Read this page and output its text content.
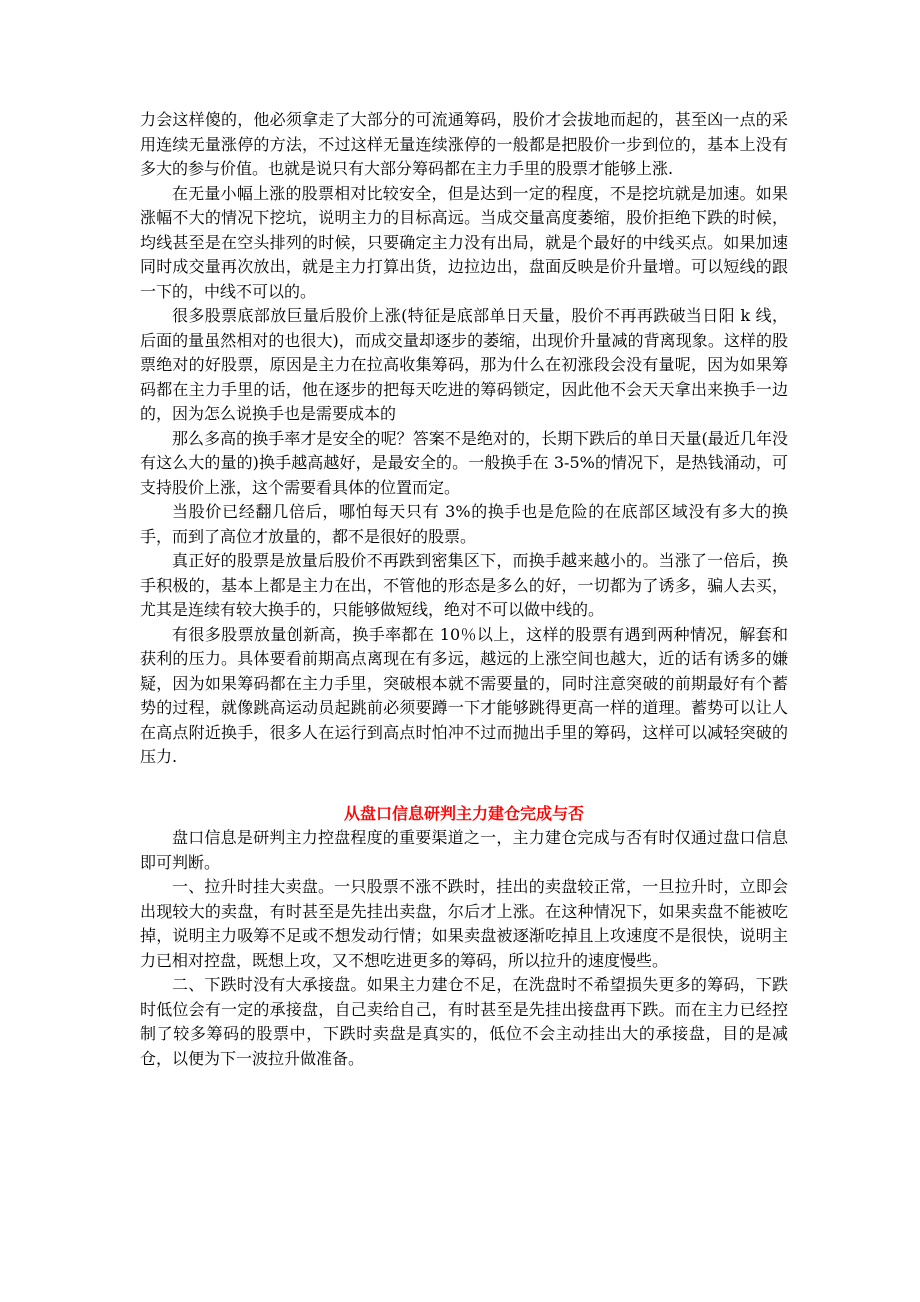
力会这样傻的，他必须拿走了大部分的可流通筹码，股价才会拔地而起的，甚至凶一点的采用连续无量涨停的方法，不过这样无量连续涨停的一般都是把股价一步到位的，基本上没有多大的参与价值。也就是说只有大部分筹码都在主力手里的股票才能够上涨.

在无量小幅上涨的股票相对比较安全，但是达到一定的程度，不是挖坑就是加速。如果涨幅不大的情况下挖坑，说明主力的目标高远。当成交量高度萎缩，股价拒绝下跌的时候，均线甚至是在空头排列的时候，只要确定主力没有出局，就是个最好的中线买点。如果加速同时成交量再次放出，就是主力打算出货，边拉边出，盘面反映是价升量增。可以短线的跟一下的，中线不可以的。

很多股票底部放巨量后股价上涨(特征是底部单日天量，股价不再再跌破当日阳 k 线，后面的量虽然相对的也很大)，而成交量却逐步的萎缩，出现价升量减的背离现象。这样的股票绝对的好股票，原因是主力在拉高收集筹码，那为什么在初涨段会没有量呢，因为如果筹码都在主力手里的话，他在逐步的把每天吃进的筹码锁定，因此他不会天天拿出来换手一边的，因为怎么说换手也是需要成本的

那么多高的换手率才是安全的呢？答案不是绝对的，长期下跌后的单日天量(最近几年没有这么大的量的)换手越高越好，是最安全的。一般换手在 3-5%的情况下，是热钱涌动，可支持股价上涨，这个需要看具体的位置而定。

当股价已经翻几倍后，哪怕每天只有 3%的换手也是危险的在底部区域没有多大的换手，而到了高位才放量的，都不是很好的股票。

真正好的股票是放量后股价不再跌到密集区下，而换手越来越小的。当涨了一倍后，换手积极的，基本上都是主力在出，不管他的形态是多么的好，一切都为了诱多，骗人去买，尤其是连续有较大换手的，只能够做短线，绝对不可以做中线的。

有很多股票放量创新高，换手率都在 10％以上，这样的股票有遇到两种情况，解套和获利的压力。具体要看前期高点离现在有多远，越远的上涨空间也越大，近的话有诱多的嫌疑，因为如果筹码都在主力手里，突破根本就不需要量的，同时注意突破的前期最好有个蓄势的过程，就像跳高运动员起跳前必须要蹲一下才能够跳得更高一样的道理。蓄势可以让人在高点附近换手，很多人在运行到高点时怕冲不过而抛出手里的筹码，这样可以减轻突破的压力.

从盘口信息研判主力建仓完成与否

盘口信息是研判主力控盘程度的重要渠道之一，主力建仓完成与否有时仅通过盘口信息即可判断。

一、拉升时挂大卖盘。一只股票不涨不跌时，挂出的卖盘较正常，一旦拉升时，立即会出现较大的卖盘，有时甚至是先挂出卖盘，尔后才上涨。在这种情况下，如果卖盘不能被吃掉，说明主力吸筹不足或不想发动行情；如果卖盘被逐渐吃掉且上攻速度不是很快，说明主力已相对控盘，既想上攻，又不想吃进更多的筹码，所以拉升的速度慢些。

二、下跌时没有大承接盘。如果主力建仓不足，在洗盘时不希望损失更多的筹码，下跌时低位会有一定的承接盘，自己卖给自己，有时甚至是先挂出接盘再下跌。而在主力已经控制了较多筹码的股票中，下跌时卖盘是真实的，低位不会主动挂出大的承接盘，目的是减仓，以便为下一波拉升做准备。
